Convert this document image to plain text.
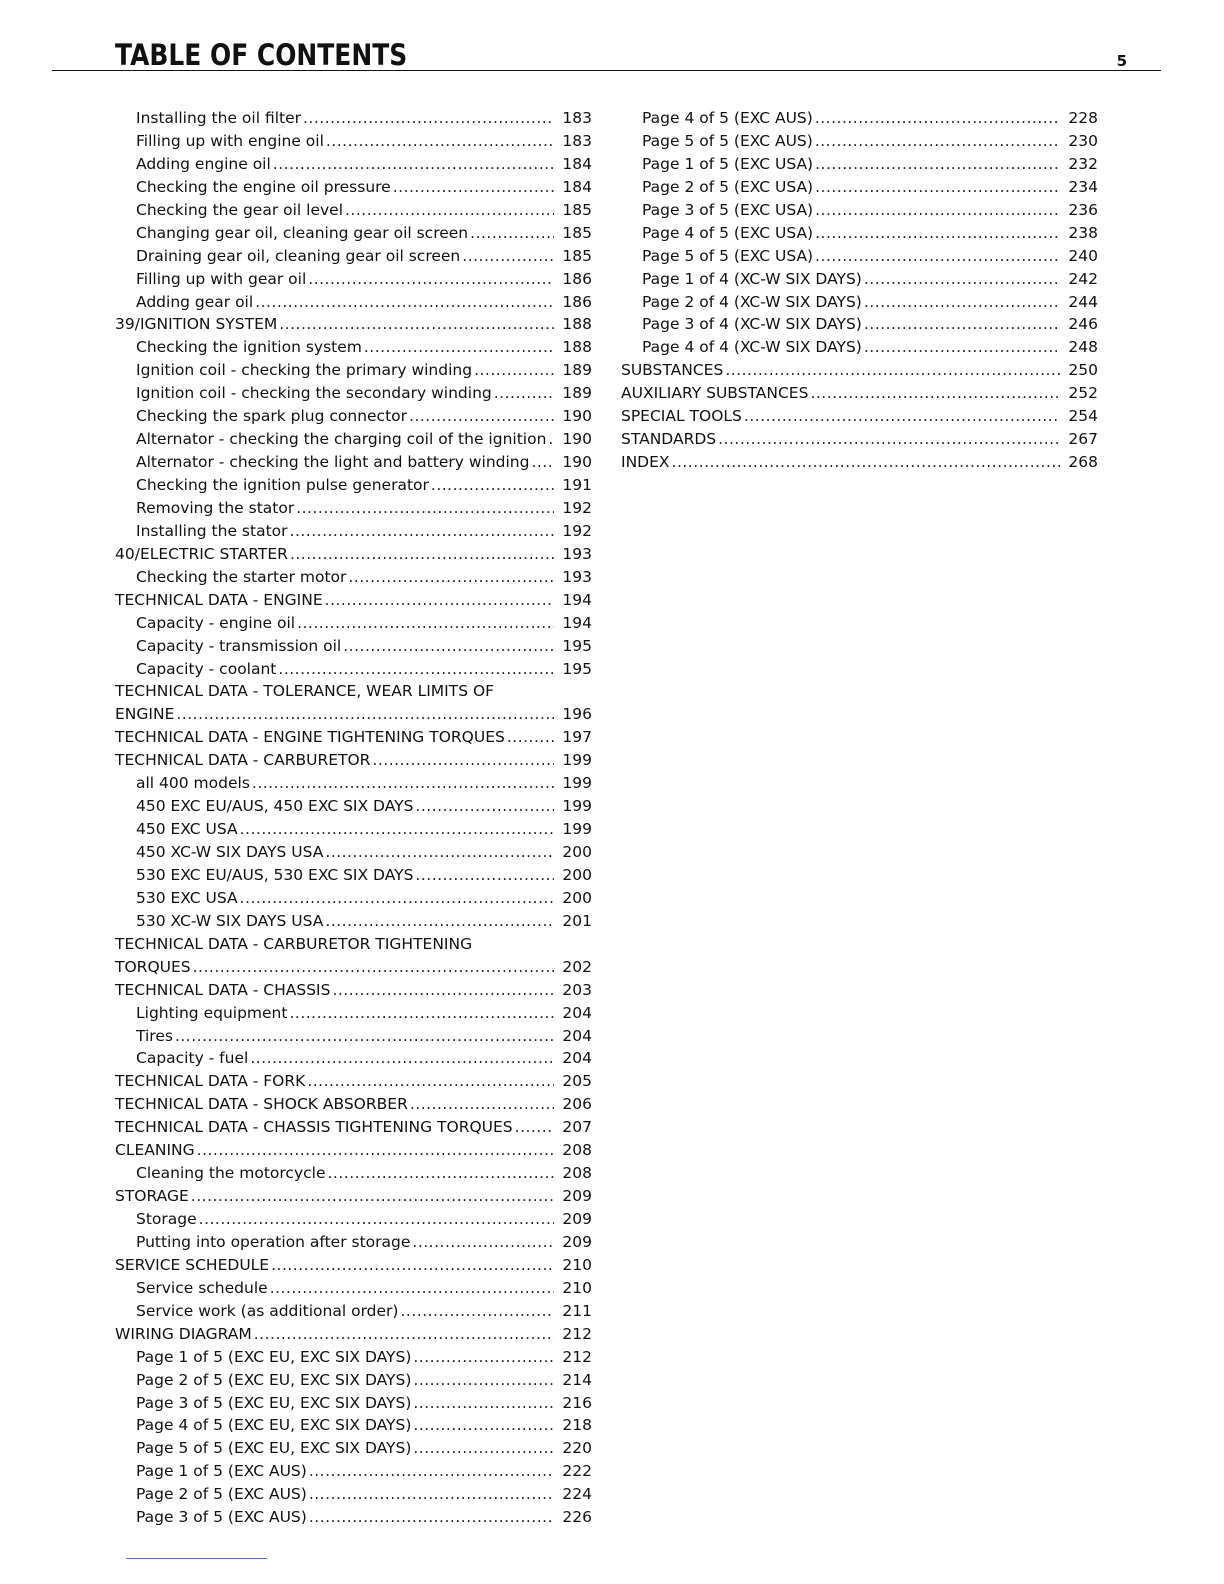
TABLE OF CONTENTS	5
Installing the oil filter .....	183
Filling up with engine oil .....	183
Adding engine oil .....	184
Checking the engine oil pressure .....	184
Checking the gear oil level .....	185
Changing gear oil, cleaning gear oil screen .....	185
Draining gear oil, cleaning gear oil screen .....	185
Filling up with gear oil .....	186
Adding gear oil .....	186
39/IGNITION SYSTEM .....	188
Checking the ignition system .....	188
Ignition coil - checking the primary winding .....	189
Ignition coil - checking the secondary winding .....	189
Checking the spark plug connector .....	190
Alternator - checking the charging coil of the ignition .....	190
Alternator - checking the light and battery winding .....	190
Checking the ignition pulse generator .....	191
Removing the stator .....	192
Installing the stator .....	192
40/ELECTRIC STARTER .....	193
Checking the starter motor .....	193
TECHNICAL DATA - ENGINE .....	194
Capacity - engine oil .....	194
Capacity - transmission oil .....	195
Capacity - coolant .....	195
TECHNICAL DATA - TOLERANCE, WEAR LIMITS OF
ENGINE .....	196
TECHNICAL DATA - ENGINE TIGHTENING TORQUES .....	197
TECHNICAL DATA - CARBURETOR .....	199
all 400 models .....	199
450 EXC EU/AUS, 450 EXC SIX DAYS .....	199
450 EXC USA .....	199
450 XC-W SIX DAYS USA .....	200
530 EXC EU/AUS, 530 EXC SIX DAYS .....	200
530 EXC USA .....	200
530 XC-W SIX DAYS USA .....	201
TECHNICAL DATA - CARBURETOR TIGHTENING
TORQUES .....	202
TECHNICAL DATA - CHASSIS .....	203
Lighting equipment .....	204
Tires .....	204
Capacity - fuel .....	204
TECHNICAL DATA - FORK .....	205
TECHNICAL DATA - SHOCK ABSORBER .....	206
TECHNICAL DATA - CHASSIS TIGHTENING TORQUES .....	207
CLEANING .....	208
Cleaning the motorcycle .....	208
STORAGE .....	209
Storage .....	209
Putting into operation after storage .....	209
SERVICE SCHEDULE .....	210
Service schedule .....	210
Service work (as additional order) .....	211
WIRING DIAGRAM .....	212
Page 1 of 5 (EXC EU, EXC SIX DAYS) .....	212
Page 2 of 5 (EXC EU, EXC SIX DAYS) .....	214
Page 3 of 5 (EXC EU, EXC SIX DAYS) .....	216
Page 4 of 5 (EXC EU, EXC SIX DAYS) .....	218
Page 5 of 5 (EXC EU, EXC SIX DAYS) .....	220
Page 1 of 5 (EXC AUS) .....	222
Page 2 of 5 (EXC AUS) .....	224
Page 3 of 5 (EXC AUS) .....	226
Page 4 of 5 (EXC AUS) .....	228
Page 5 of 5 (EXC AUS) .....	230
Page 1 of 5 (EXC USA) .....	232
Page 2 of 5 (EXC USA) .....	234
Page 3 of 5 (EXC USA) .....	236
Page 4 of 5 (EXC USA) .....	238
Page 5 of 5 (EXC USA) .....	240
Page 1 of 4 (XC-W SIX DAYS) .....	242
Page 2 of 4 (XC-W SIX DAYS) .....	244
Page 3 of 4 (XC-W SIX DAYS) .....	246
Page 4 of 4 (XC-W SIX DAYS) .....	248
SUBSTANCES .....	250
AUXILIARY SUBSTANCES .....	252
SPECIAL TOOLS .....	254
STANDARDS .....	267
INDEX .....	268
